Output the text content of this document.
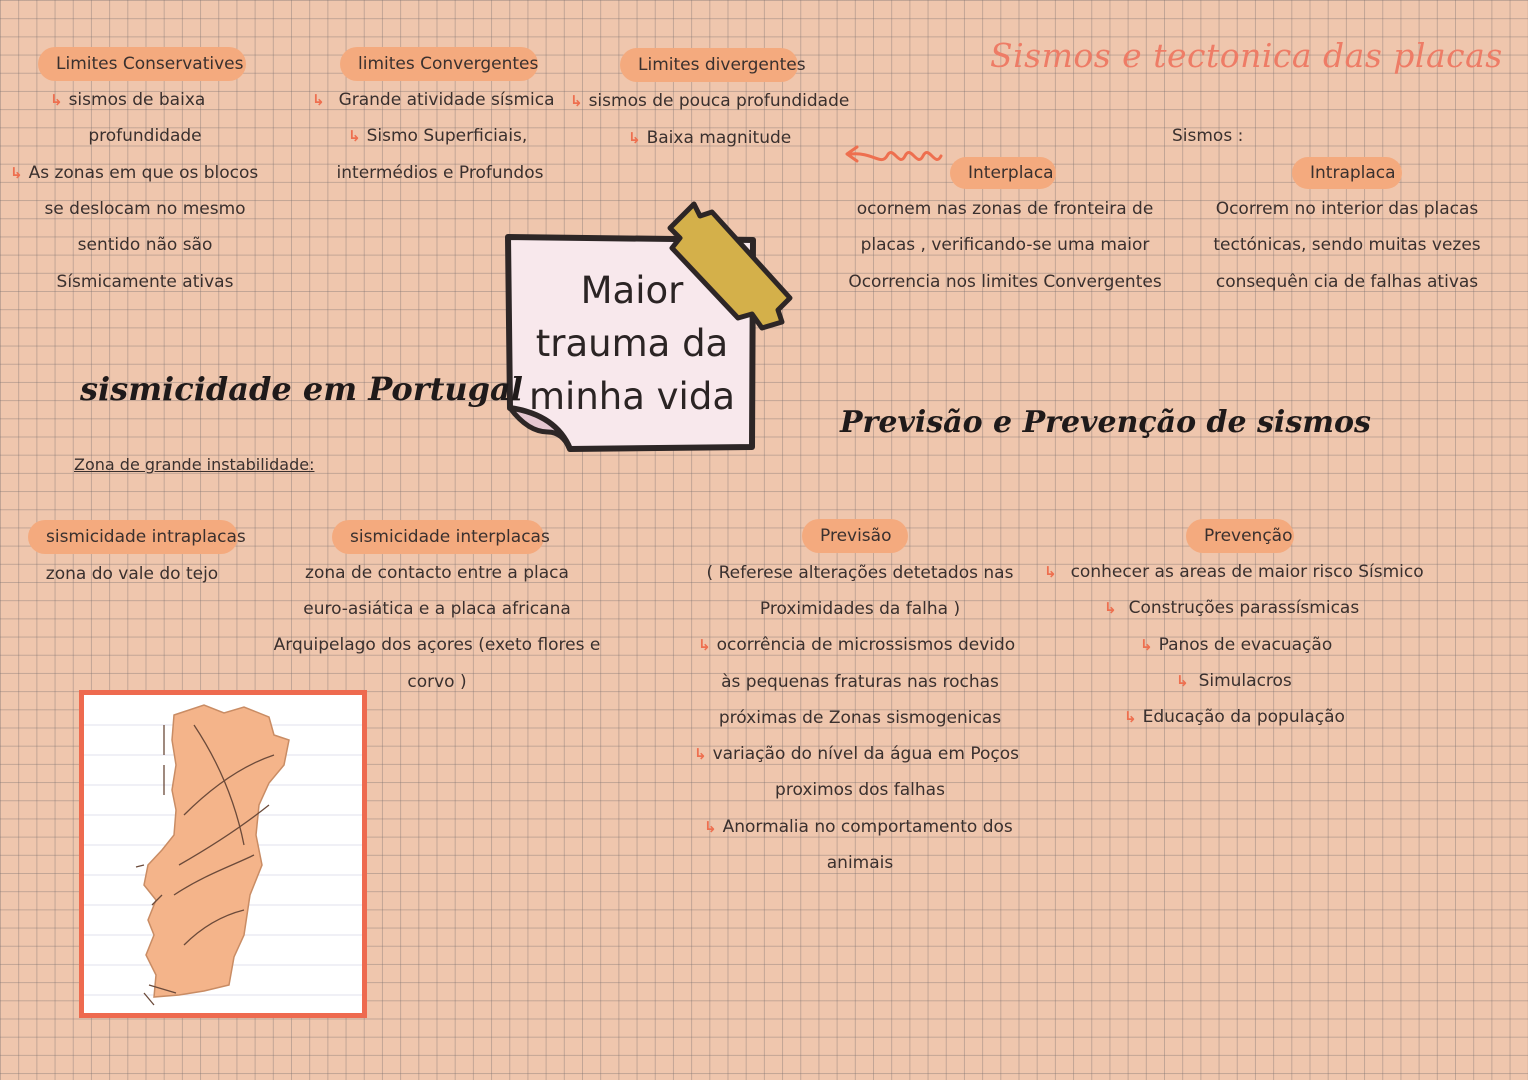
Sismos e tectonica das placas
Limites Conservatives
↳ sismos de baixa
profundidade
↳ As zonas em que os blocos
se deslocam no mesmo
sentido não são
Sísmicamente ativas
limites Convergentes
↳ Grande atividade sísmica
↳ Sismo Superficiais,
intermédios e Profundos
Limites divergentes
↳ sismos de pouca profundidade
↳ Baixa magnitude	Sismos :
Interplaca
ocornem nas zonas de fronteira de
placas , verificando-se uma maior
Ocorrencia nos limites Convergentes
Intraplaca
Ocorrem no interior das placas
tectónicas, sendo muitas vezes
consequên cia de falhas ativas
Maior
trauma da
minha vida
sismicidade em Portugal
Zona de grande instabilidade:
sismicidade intraplacas
zona do vale do tejo
sismicidade interplacas
zona de contacto entre a placa
euro-asiática e a placa africana
Arquipelago dos açores (exeto flores e
corvo )
Previsão e Prevenção de sismos
Previsão
( Referese alterações detetados nas
Proximidades da falha )
↳ ocorrência de microssismos devido
às pequenas fraturas nas rochas
próximas de Zonas sismogenicas
↳ variação do nível da água em Poços
proximos dos falhas
↳ Anormalia no comportamento dos
animais
Prevenção
↳ conhecer as areas de maior risco Sísmico
↳ Construções parassísmicas
↳ Panos de evacuação
↳ Simulacros
↳ Educação da população
